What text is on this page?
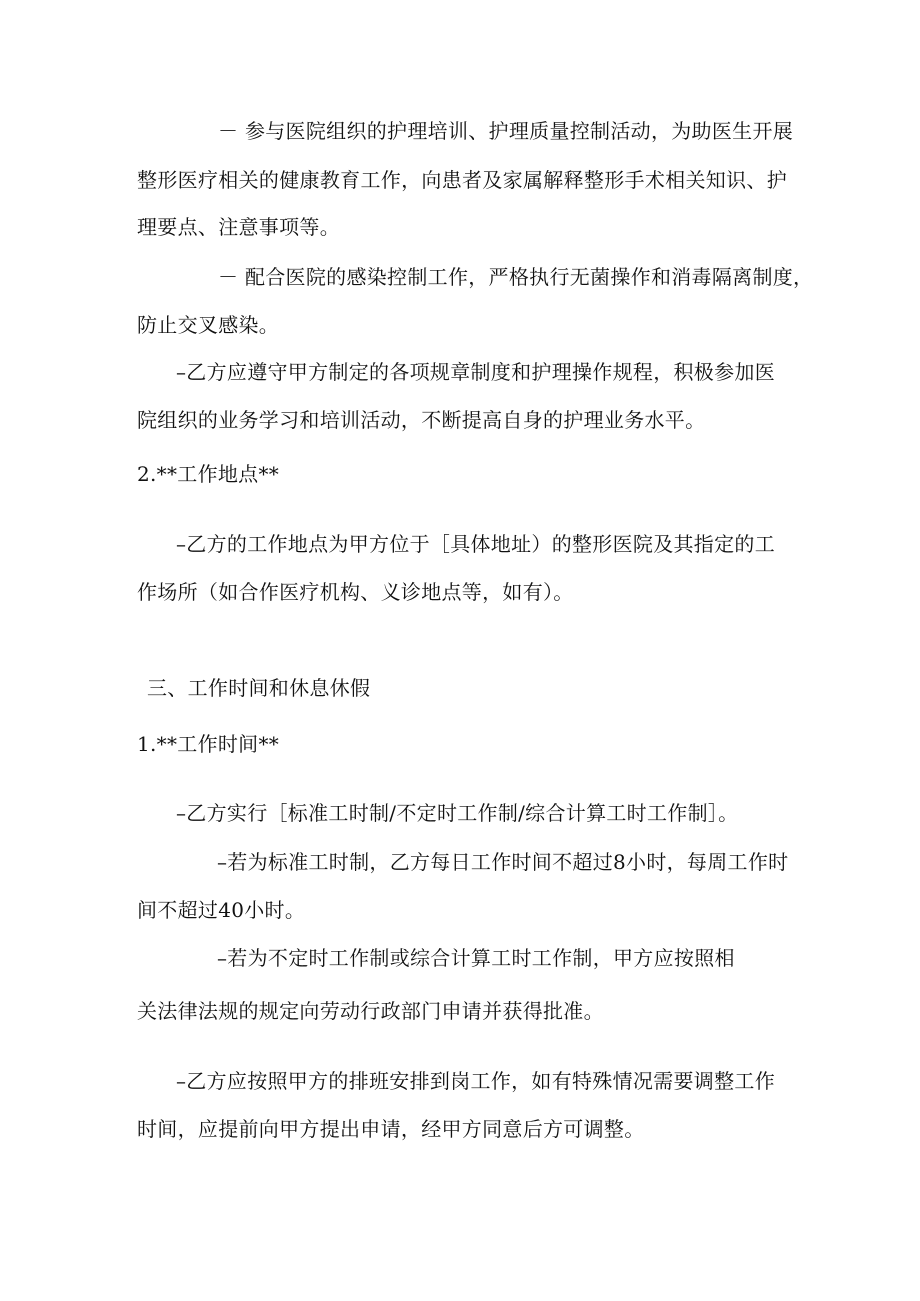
－ 参与医院组织的护理培训、护理质量控制活动，为助医生开展
整形医疗相关的健康教育工作，向患者及家属解释整形手术相关知识、护
理要点、注意事项等。
－ 配合医院的感染控制工作，严格执行无菌操作和消毒隔离制度，
防止交叉感染。
–乙方应遵守甲方制定的各项规章制度和护理操作规程，积极参加医
院组织的业务学习和培训活动，不断提高自身的护理业务水平。
2.**工作地点**
–乙方的工作地点为甲方位于［具体地址）的整形医院及其指定的工
作场所（如合作医疗机构、义诊地点等，如有）。
三、工作时间和休息休假
1.**工作时间**
–乙方实行［标准工时制/不定时工作制/综合计算工时工作制］。
–若为标准工时制，乙方每日工作时间不超过8小时，每周工作时
间不超过40小时。
–若为不定时工作制或综合计算工时工作制，甲方应按照相
关法律法规的规定向劳动行政部门申请并获得批准。
–乙方应按照甲方的排班安排到岗工作，如有特殊情况需要调整工作
时间，应提前向甲方提出申请，经甲方同意后方可调整。
